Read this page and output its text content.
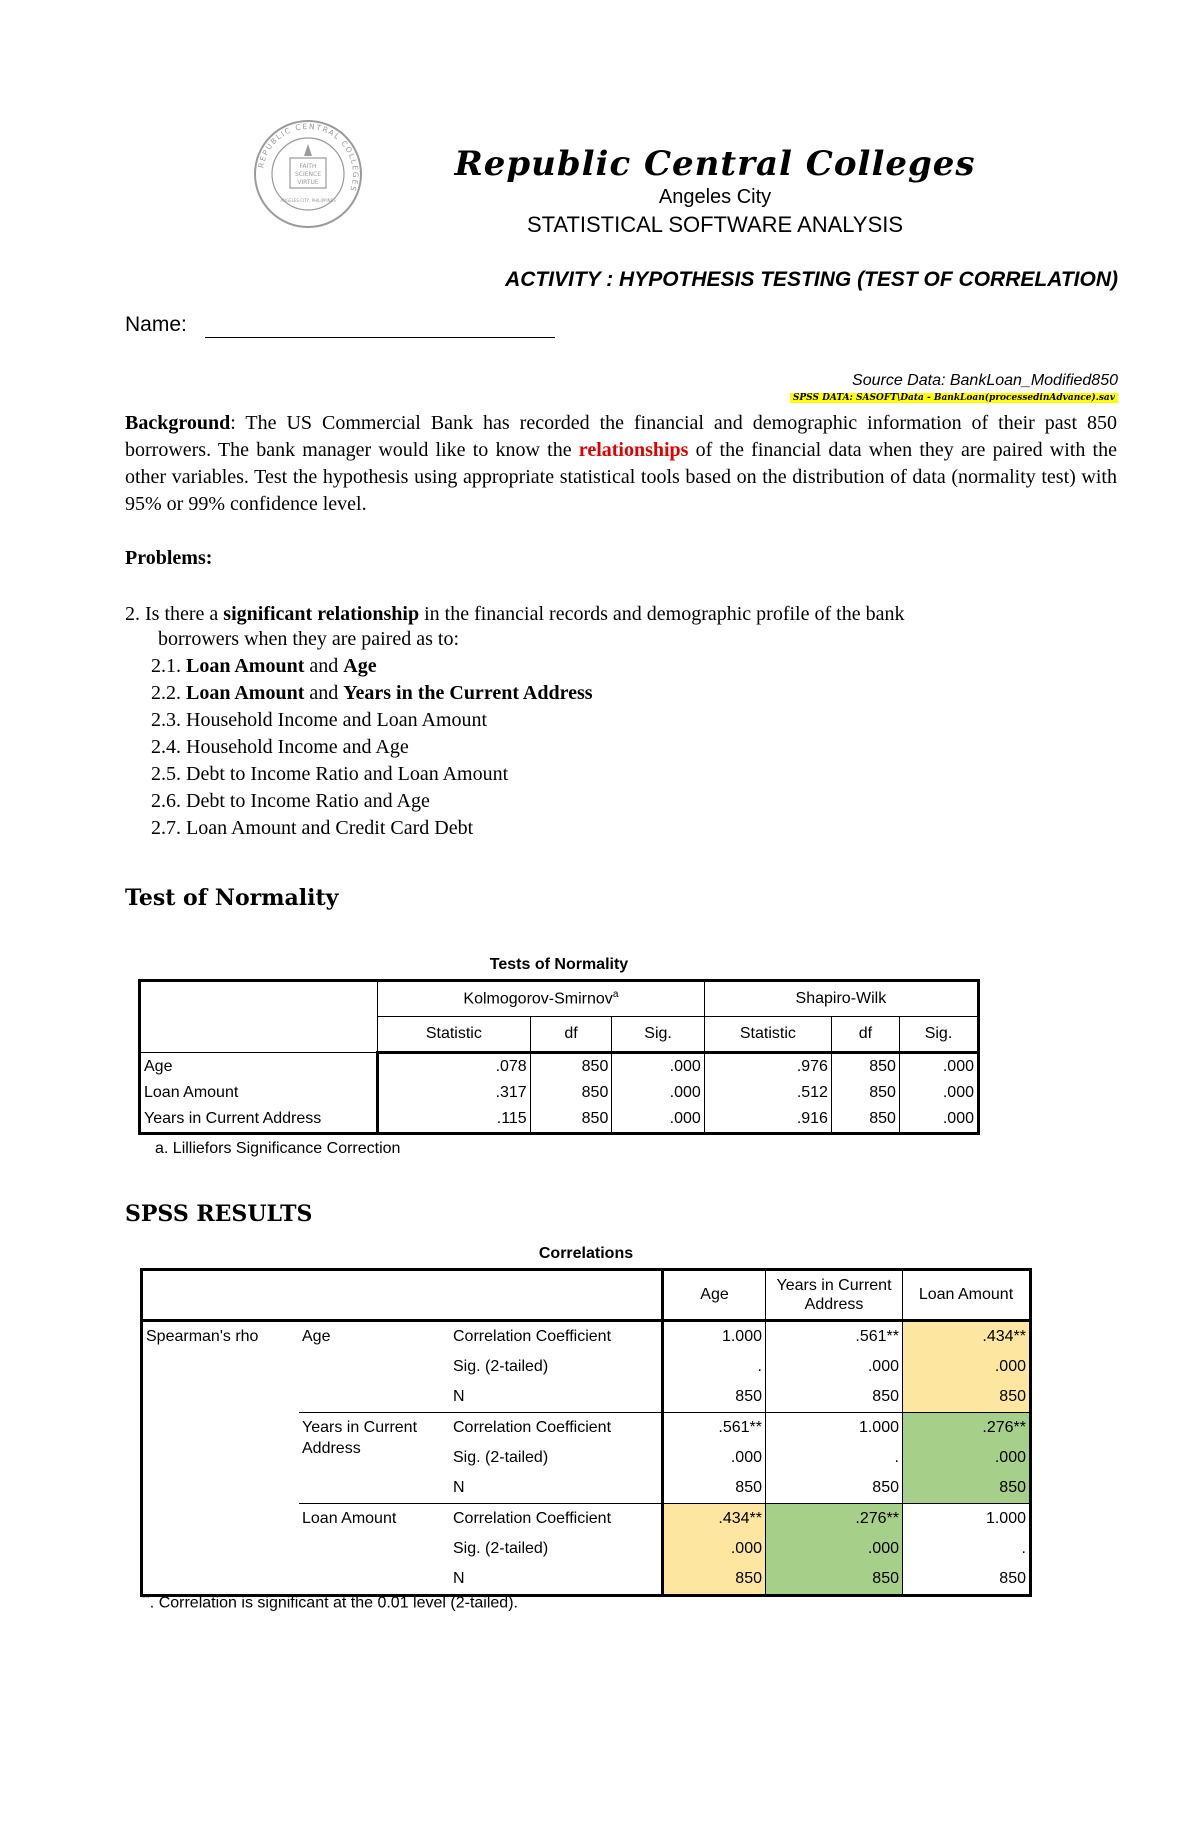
REPUBLIC CENTRAL COLLEGES
FAITH
SCIENCE
VIRTUE
ANGELES CITY, PHILIPPINES
Republic Central Colleges
Angeles City
STATISTICAL SOFTWARE ANALYSIS
ACTIVITY : HYPOTHESIS TESTING (TEST OF CORRELATION)
Name:
Source Data: BankLoan_Modified850
SPSS DATA: SASOFT\Data - BankLoan(processedinAdvance).sav
Background: The US Commercial Bank has recorded the financial and demographic information of their past 850 borrowers. The bank manager would like to know the relationships of the financial data when they are paired with the other variables. Test the hypothesis using appropriate statistical tools based on the distribution of data (normality test) with 95% or 99% confidence level.
Problems:
2. Is there a significant relationship in the financial records and demographic profile of the bank
borrowers when they are paired as to:
2.1. Loan Amount and Age
2.2. Loan Amount and Years in the Current Address
2.3. Household Income and Loan Amount
2.4. Household Income and Age
2.5. Debt to Income Ratio and Loan Amount
2.6. Debt to Income Ratio and Age
2.7. Loan Amount and Credit Card Debt
Test of Normality
Tests of Normality
	Kolmogorov-Smirnov$^a$			Shapiro-Wilk		
	Statistic	df	Sig.	Statistic	df	Sig.
Age	.078	850	.000	.976	850	.000
Loan Amount	.317	850	.000	.512	850	.000
Years in Current Address	.115	850	.000	.916	850	.000
a. Lilliefors Significance Correction
SPSS RESULTS
Correlations
			Age	Years in Current Address	Loan Amount
Spearman's rho	Age	Correlation Coefficient	1.000	.561**	.434**
		Sig. (2-tailed)	.	.000	.000
		N	850	850	850
	Years in Current Address	Correlation Coefficient	.561**	1.000	.276**
		Sig. (2-tailed)	.000	.	.000
		N	850	850	850
	Loan Amount	Correlation Coefficient	.434**	.276**	1.000
		Sig. (2-tailed)	.000	.000	.
		N	850	850	850
**. Correlation is significant at the 0.01 level (2-tailed).
